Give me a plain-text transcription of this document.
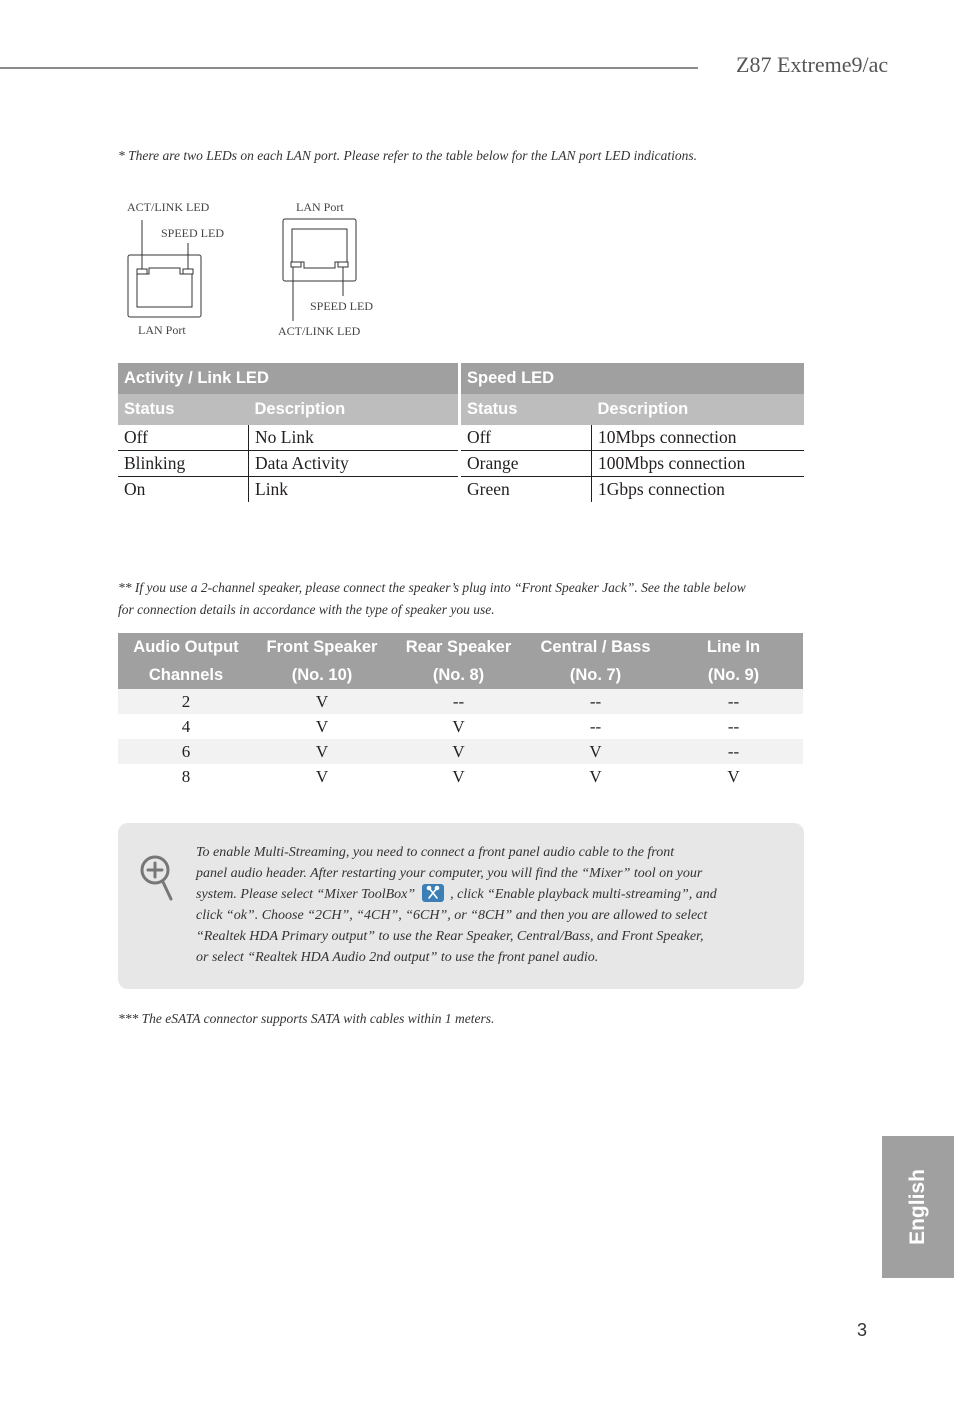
Z87 Extreme9/ac
* There are two LEDs on each LAN port. Please refer to the table below for the LAN port LED indications.
ACT/LINK LED
SPEED LED
LAN Port
LAN Port
SPEED LED
ACT/LINK LED
Activity / Link LED	
Status	Description
Off	No Link
Blinking	Data Activity
On	Link
Speed LED	
Status	Description
Off	10Mbps connection
Orange	100Mbps connection
Green	1Gbps connection
** If you use a 2-channel speaker, please connect the speaker’s plug into “Front Speaker Jack”. See the table below
for connection details in accordance with the type of speaker you use.
Audio Output	Front Speaker	Rear Speaker	Central / Bass	Line In
Channels	(No. 10)	(No. 8)	(No. 7)	(No. 9)
2	V	--	--	--
4	V	V	--	--
6	V	V	V	--
8	V	V	V	V
To enable Multi-Streaming, you need to connect a front panel audio cable to the front
panel audio header. After restarting your computer, you will find the “Mixer” tool on your
system. Please select “Mixer ToolBox”
, click “Enable playback multi-streaming”, and
click “ok”. Choose “2CH”, “4CH”, “6CH”, or “8CH” and then you are allowed to select
“Realtek HDA Primary output” to use the Rear Speaker, Central/Bass, and Front Speaker,
or select “Realtek HDA Audio 2nd output” to use the front panel audio.
*** The eSATA connector supports SATA with cables within 1 meters.
English
3
